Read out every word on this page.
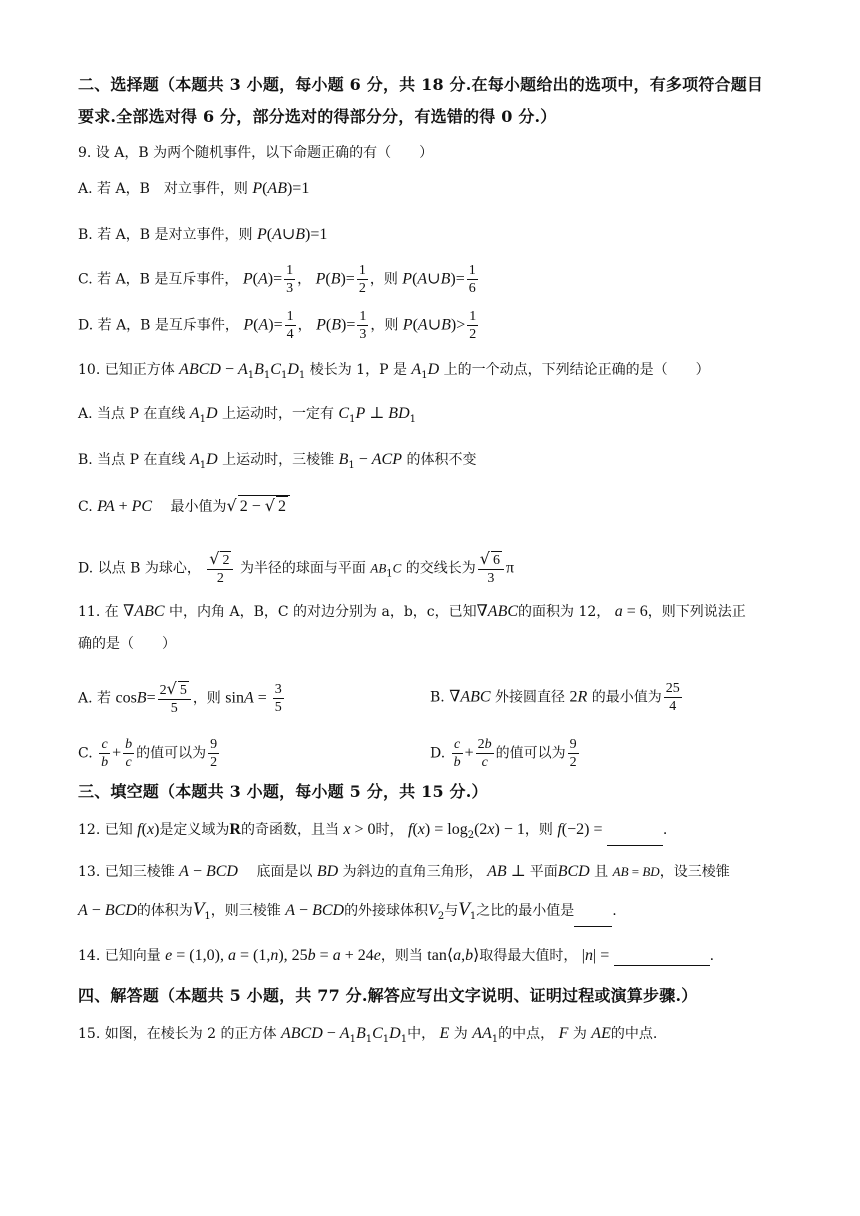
二、选择题（本题共 3 小题，每小题 6 分，共 18 分.在每小题给出的选项中，有多项符合题目
要求.全部选对得 6 分，部分选对的得部分分，有选错的得 0 分.）
9. 设 A，B 为两个随机事件，以下命题正确的有（　　）
A. 若 A，B　对立事件，则 P(AB)=1
B. 若 A，B 是对立事件，则 P(A∪B)=1
C. 若 A，B 是互斥事件， $P(A)= \frac{1}{3}$ ， $P(B)= \frac{1}{2}$ ，则 P(A∪B)= $\frac{1}{6}$
D. 若 A，B 是互斥事件， $P(A)= \frac{1}{4}$ ， $P(B)= \frac{1}{3}$ ，则 P(A∪B)> $\frac{1}{2}$
10. 已知正方体 ABCD − $A_1B_1C_1D_1$ 棱长为 1，P 是 $A_1D$ 上的一个动点，下列结论正确的是（　　）
A. 当点 P 在直线 $A_1D$ 上运动时，一定有 $C_1P$ ⊥ $BD_1$
B. 当点 P 在直线 $A_1D$ 上运动时，三棱锥 $B_1$ − ACP 的体积不变
C. PA + PC　 最小值为√ 2 − √ 2
D. 以点 B 为球心， $\frac{√ 2}{2}$ 为半径的球面与平面 $AB_1C$ 的交线长为 $\frac{√ 6}{3}$ π
11. 在 ∇ABC 中，内角 A，B，C 的对边分别为 a，b，c，已知∇ABC的面积为 12， a = 6，则下列说法正
确的是（　　）
A. 若 $\cos B= \frac{2√ 5}{5}$ ，则 $\sin A = \frac{3}{5}$	B. ∇ABC 外接圆直径 2R 的最小值为 $\frac{25}{4}$
C. $\frac{c}{b} + \frac{b}{c}$ 的值可以为 $\frac{9}{2}$	D. $\frac{c}{b} + \frac{2b}{c}$ 的值可以为 $\frac{9}{2}$
三、填空题（本题共 3 小题，每小题 5 分，共 15 分.）
12. 已知 f(x)是定义域为R的奇函数，且当 x > 0时， $f(x) = \log_2(2x) - 1$，则 f(−2) =	.
13. 已知三棱锥 A − BCD　 底面是以 BD 为斜边的直角三角形， AB ⊥ 平面BCD 且 AB = BD，设三棱锥
A − BCD的体积为$V_1$，则三棱锥 A − BCD的外接球体积$V_2$与$V_1$之比的最小值是	.
14. 已知向量 e = (1,0), a = (1,n), 25b = a + 24e，则当 tan⟨a,b⟩取得最大值时， |n| =	.
四、解答题（本题共 5 小题，共 77 分.解答应写出文字说明、证明过程或演算步骤.）
15. 如图，在棱长为 2 的正方体 ABCD − $A_1B_1C_1D_1$中， E 为 $AA_1$的中点， F 为 AE的中点.
